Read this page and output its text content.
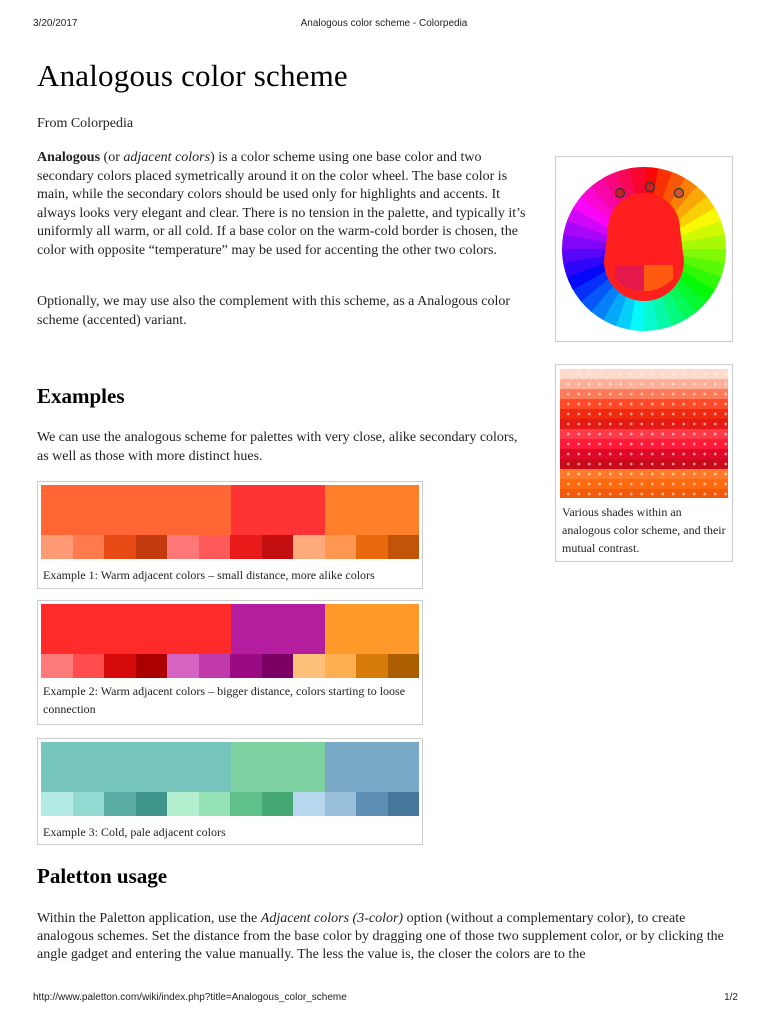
3/20/2017	Analogous color scheme - Colorpedia
Analogous color scheme

From Colorpedia

Analogous (or adjacent colors) is a color scheme using one base color and two secondary colors placed symetrically around it on the color wheel. The base color is main, while the secondary colors should be used only for highlights and accents. It always looks very elegant and clear. There is no tension in the palette, and typically it’s uniformly all warm, or all cold. If a base color on the warm-cold border is chosen, the color with opposite “temperature” may be used for accenting the other two colors.

Optionally, we may use also the complement with this scheme, as a Analogous color scheme (accented) variant.

Various shades within an analogous color scheme, and their mutual contrast.
Examples

We can use the analogous scheme for palettes with very close, alike secondary colors, as well as those with more distinct hues.

Example 1: Warm adjacent colors – small distance, more alike colors
Example 2: Warm adjacent colors – bigger distance, colors starting to loose connection
Example 3: Cold, pale adjacent colors
Paletton usage

Within the Paletton application, use the Adjacent colors (3-color) option (without a complementary color), to create analogous schemes. Set the distance from the base color by dragging one of those two supplement color, or by clicking the angle gadget and entering the value manually. The less the value is, the closer the colors are to the

http://www.paletton.com/wiki/index.php?title=Analogous_color_scheme	1/2
